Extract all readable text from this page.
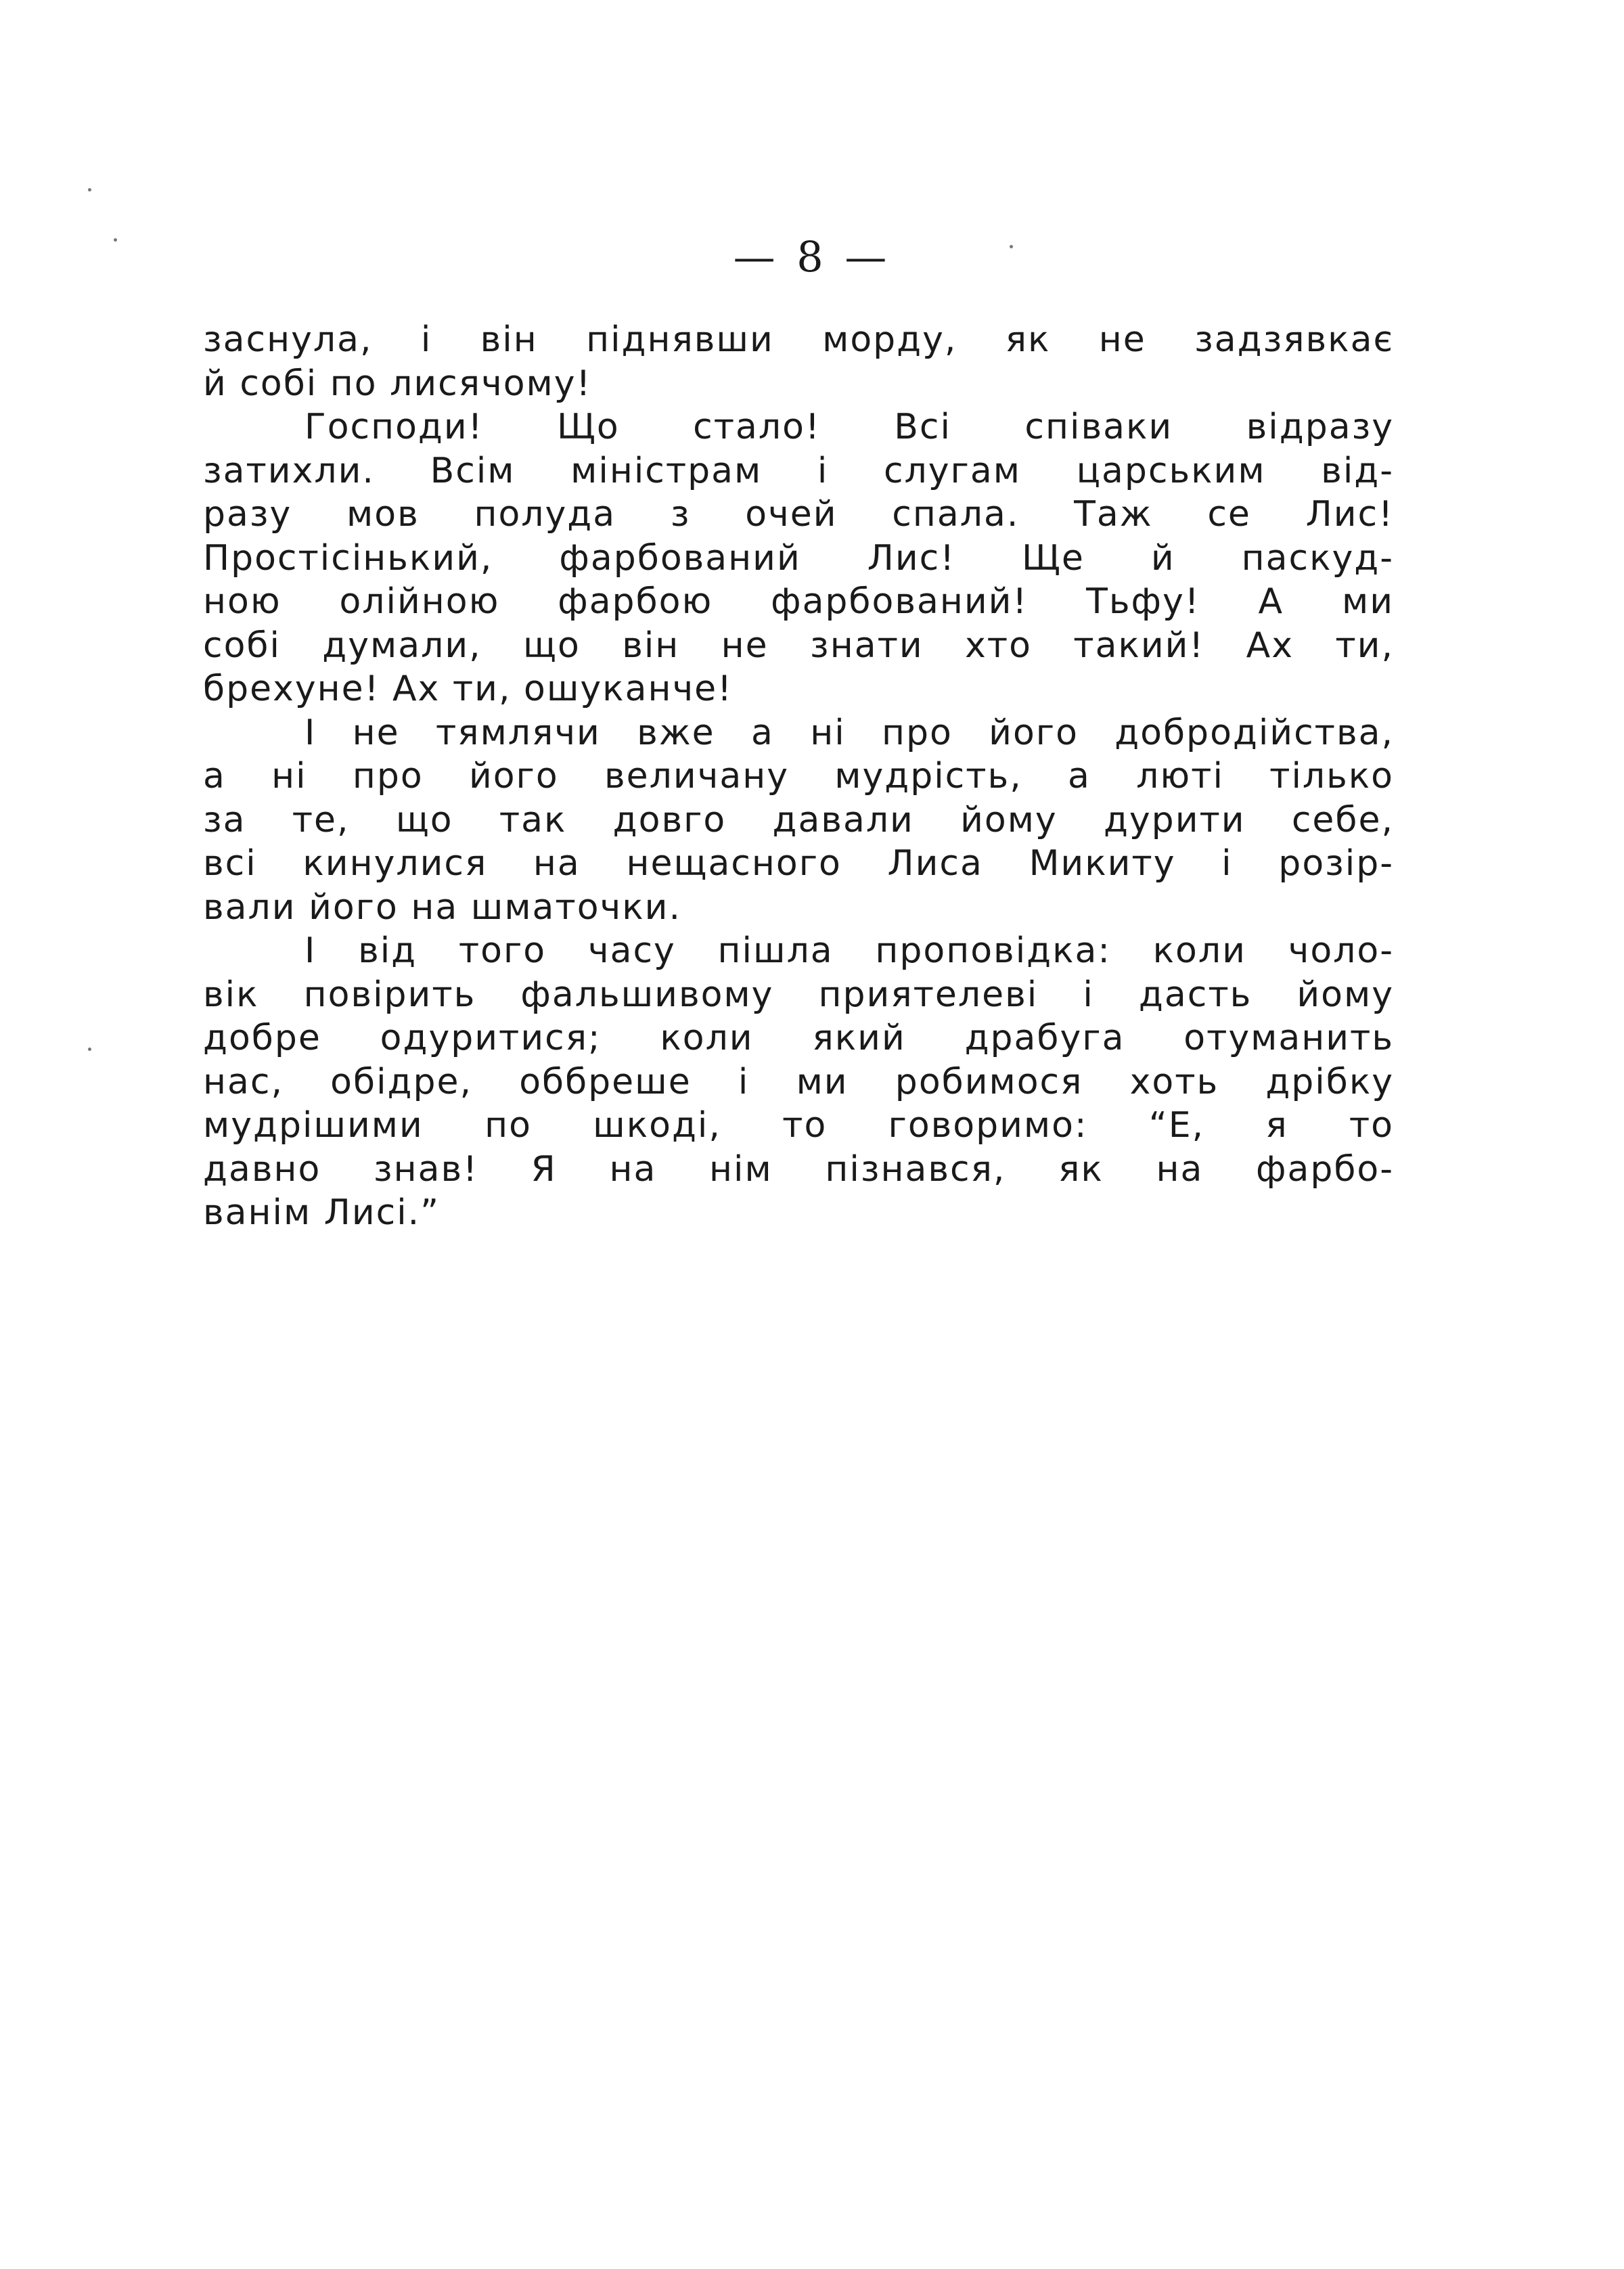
— 8 —
заснула, і він піднявши морду, як не задзявкає
й собі по лисячому!
Господи! Що стало! Всі співаки відразу
затихли. Всім міністрам і слугам царським від-
разу мов полуда з очей спала. Таж се Лис!
Простісінький, фарбований Лис! Ще й паскуд-
ною олійною фарбою фарбований! Тьфу! А ми
собі думали, що він не знати хто такий! Ах ти,
брехуне! Ах ти, ошуканче!
І не тямлячи вже а ні про його добродійства,
а ні про його величану мудрість, а люті тілько
за те, що так довго давали йому дурити себе,
всі кинулися на нещасного Лиса Микиту і розір-
вали його на шматочки.
І від того часу пішла проповідка: коли чоло-
вік повірить фальшивому приятелеві і дасть йому
добре одуритися; коли який драбуга отуманить
нас, обідре, оббреше і ми робимося хоть дрібку
мудрішими по шкоді, то говоримо: “Е, я то
давно знав! Я на нім пізнався, як на фарбо-
ванім Лисі.”
